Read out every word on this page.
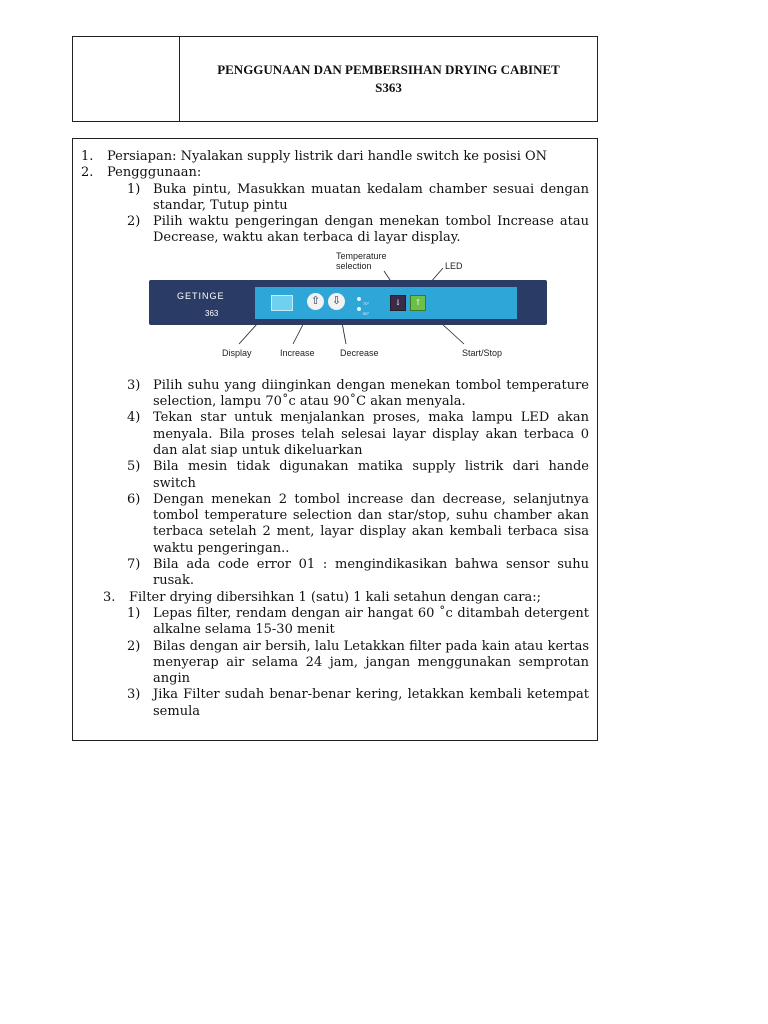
PENGGUNAAN DAN PEMBERSIHAN DRYING CABINET
S363
1.	Persiapan: Nyalakan supply listrik dari handle switch ke posisi ON
2.	Pengggunaan:
1) Buka pintu, Masukkan muatan kedalam chamber sesuai dengan standar, Tutup pintu
2) Pilih waktu pengeringan dengan menekan tombol Increase atau Decrease, waktu akan terbaca di layar display.
Temperature
selection	LED
GETINGE
363
⇧	⇩	70°
90°
↓	↑
Display	Increase	Decrease	Start/Stop
3) Pilih suhu yang diinginkan dengan menekan tombol temperature selection, lampu 70˚c atau 90˚C akan menyala.
4) Tekan star untuk menjalankan proses, maka lampu LED akan menyala. Bila proses telah selesai layar display akan terbaca 0 dan alat siap untuk dikeluarkan
5) Bila mesin tidak digunakan matika supply listrik dari hande switch
6) Dengan menekan 2 tombol increase dan decrease, selanjutnya tombol temperature selection dan star/stop, suhu chamber akan terbaca setelah 2 ment, layar display akan kembali terbaca sisa waktu pengeringan..
7) Bila ada code error 01 : mengindikasikan bahwa sensor suhu rusak.
3.	Filter drying dibersihkan 1 (satu) 1 kali setahun dengan cara:;
1) Lepas filter, rendam dengan air hangat 60 ˚c ditambah detergent alkalne selama 15-30 menit
2) Bilas dengan air bersih, lalu Letakkan filter pada kain atau kertas menyerap air selama 24 jam, jangan menggunakan semprotan angin
3) Jika Filter sudah benar-benar kering, letakkan kembali ketempat semula
